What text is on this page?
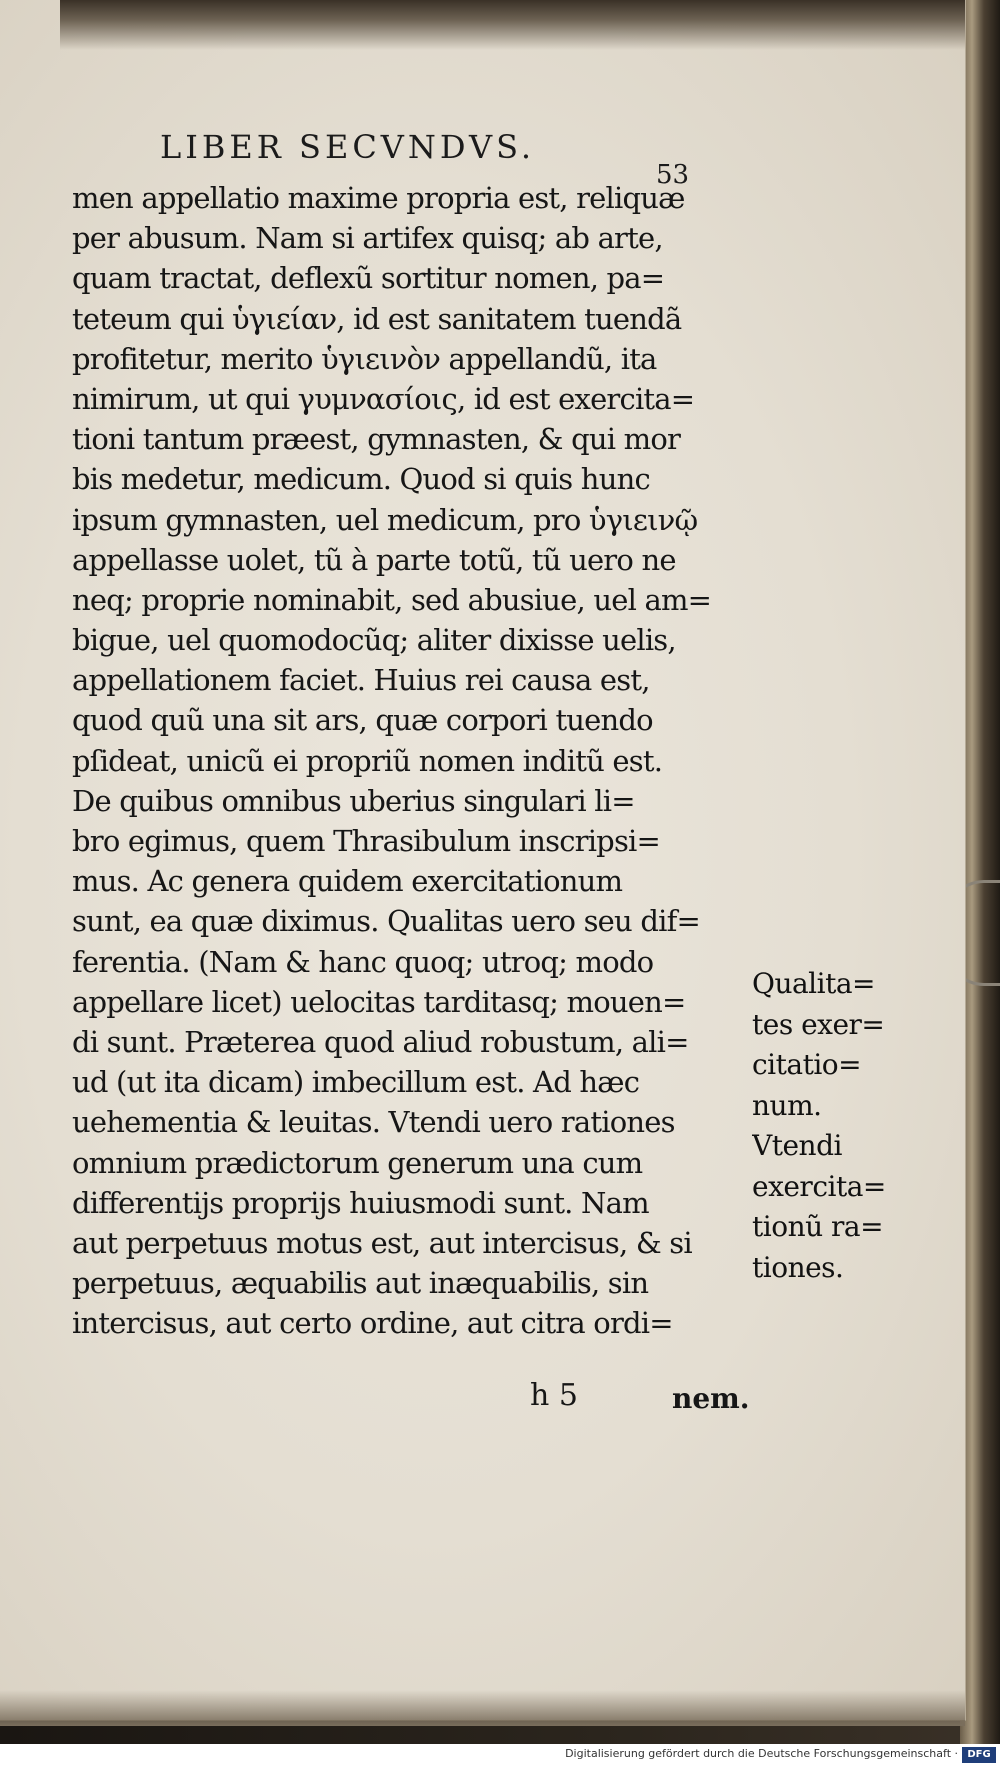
LIBER SECVNDVS.
53
men appellatio maxime propria est, reliquæ
per abusum. Nam si artifex quisq; ab arte,
quam tractat, deflexũ sortitur nomen, pa=
teteum qui ὑγιείαν, id est sanitatem tuendã
profitetur, merito ὑγιεινὸν appellandũ, ita
nimirum, ut qui γυμνασίοις, id est exercita=
tioni tantum præest, gymnasten, & qui mor
bis medetur, medicum. Quod si quis hunc
ipsum gymnasten, uel medicum, pro ὑγιεινῷ
appellasse uolet, tũ à parte totũ, tũ uero ne
neq; proprie nominabit, sed abusiue, uel am=
bigue, uel quomodocũq; aliter dixisse uelis,
appellationem faciet. Huius rei causa est,
quod quũ una sit ars, quæ corpori tuendo
pſideat, unicũ ei propriũ nomen inditũ est.
De quibus omnibus uberius singulari li=
bro egimus, quem Thrasibulum inscripsi=
mus. Ac genera quidem exercitationum
sunt, ea quæ diximus. Qualitas uero seu dif=
ferentia. (Nam & hanc quoq; utroq; modo
appellare licet) uelocitas tarditasq; mouen=
di sunt. Præterea quod aliud robustum, ali=
ud (ut ita dicam) imbecillum est. Ad hæc
uehementia & leuitas. Vtendi uero rationes
omnium prædictorum generum una cum
differentijs proprijs huiusmodi sunt. Nam
aut perpetuus motus est, aut intercisus, & si
perpetuus, æquabilis aut inæquabilis, sin
intercisus, aut certo ordine, aut citra ordi=
Qualita=
tes exer=
citatio=
num.
Vtendi
exercita=
tionũ ra=
tiones.
h 5	nem.
Digitalisierung gefördert durch die Deutsche Forschungsgemeinschaft · DFG
